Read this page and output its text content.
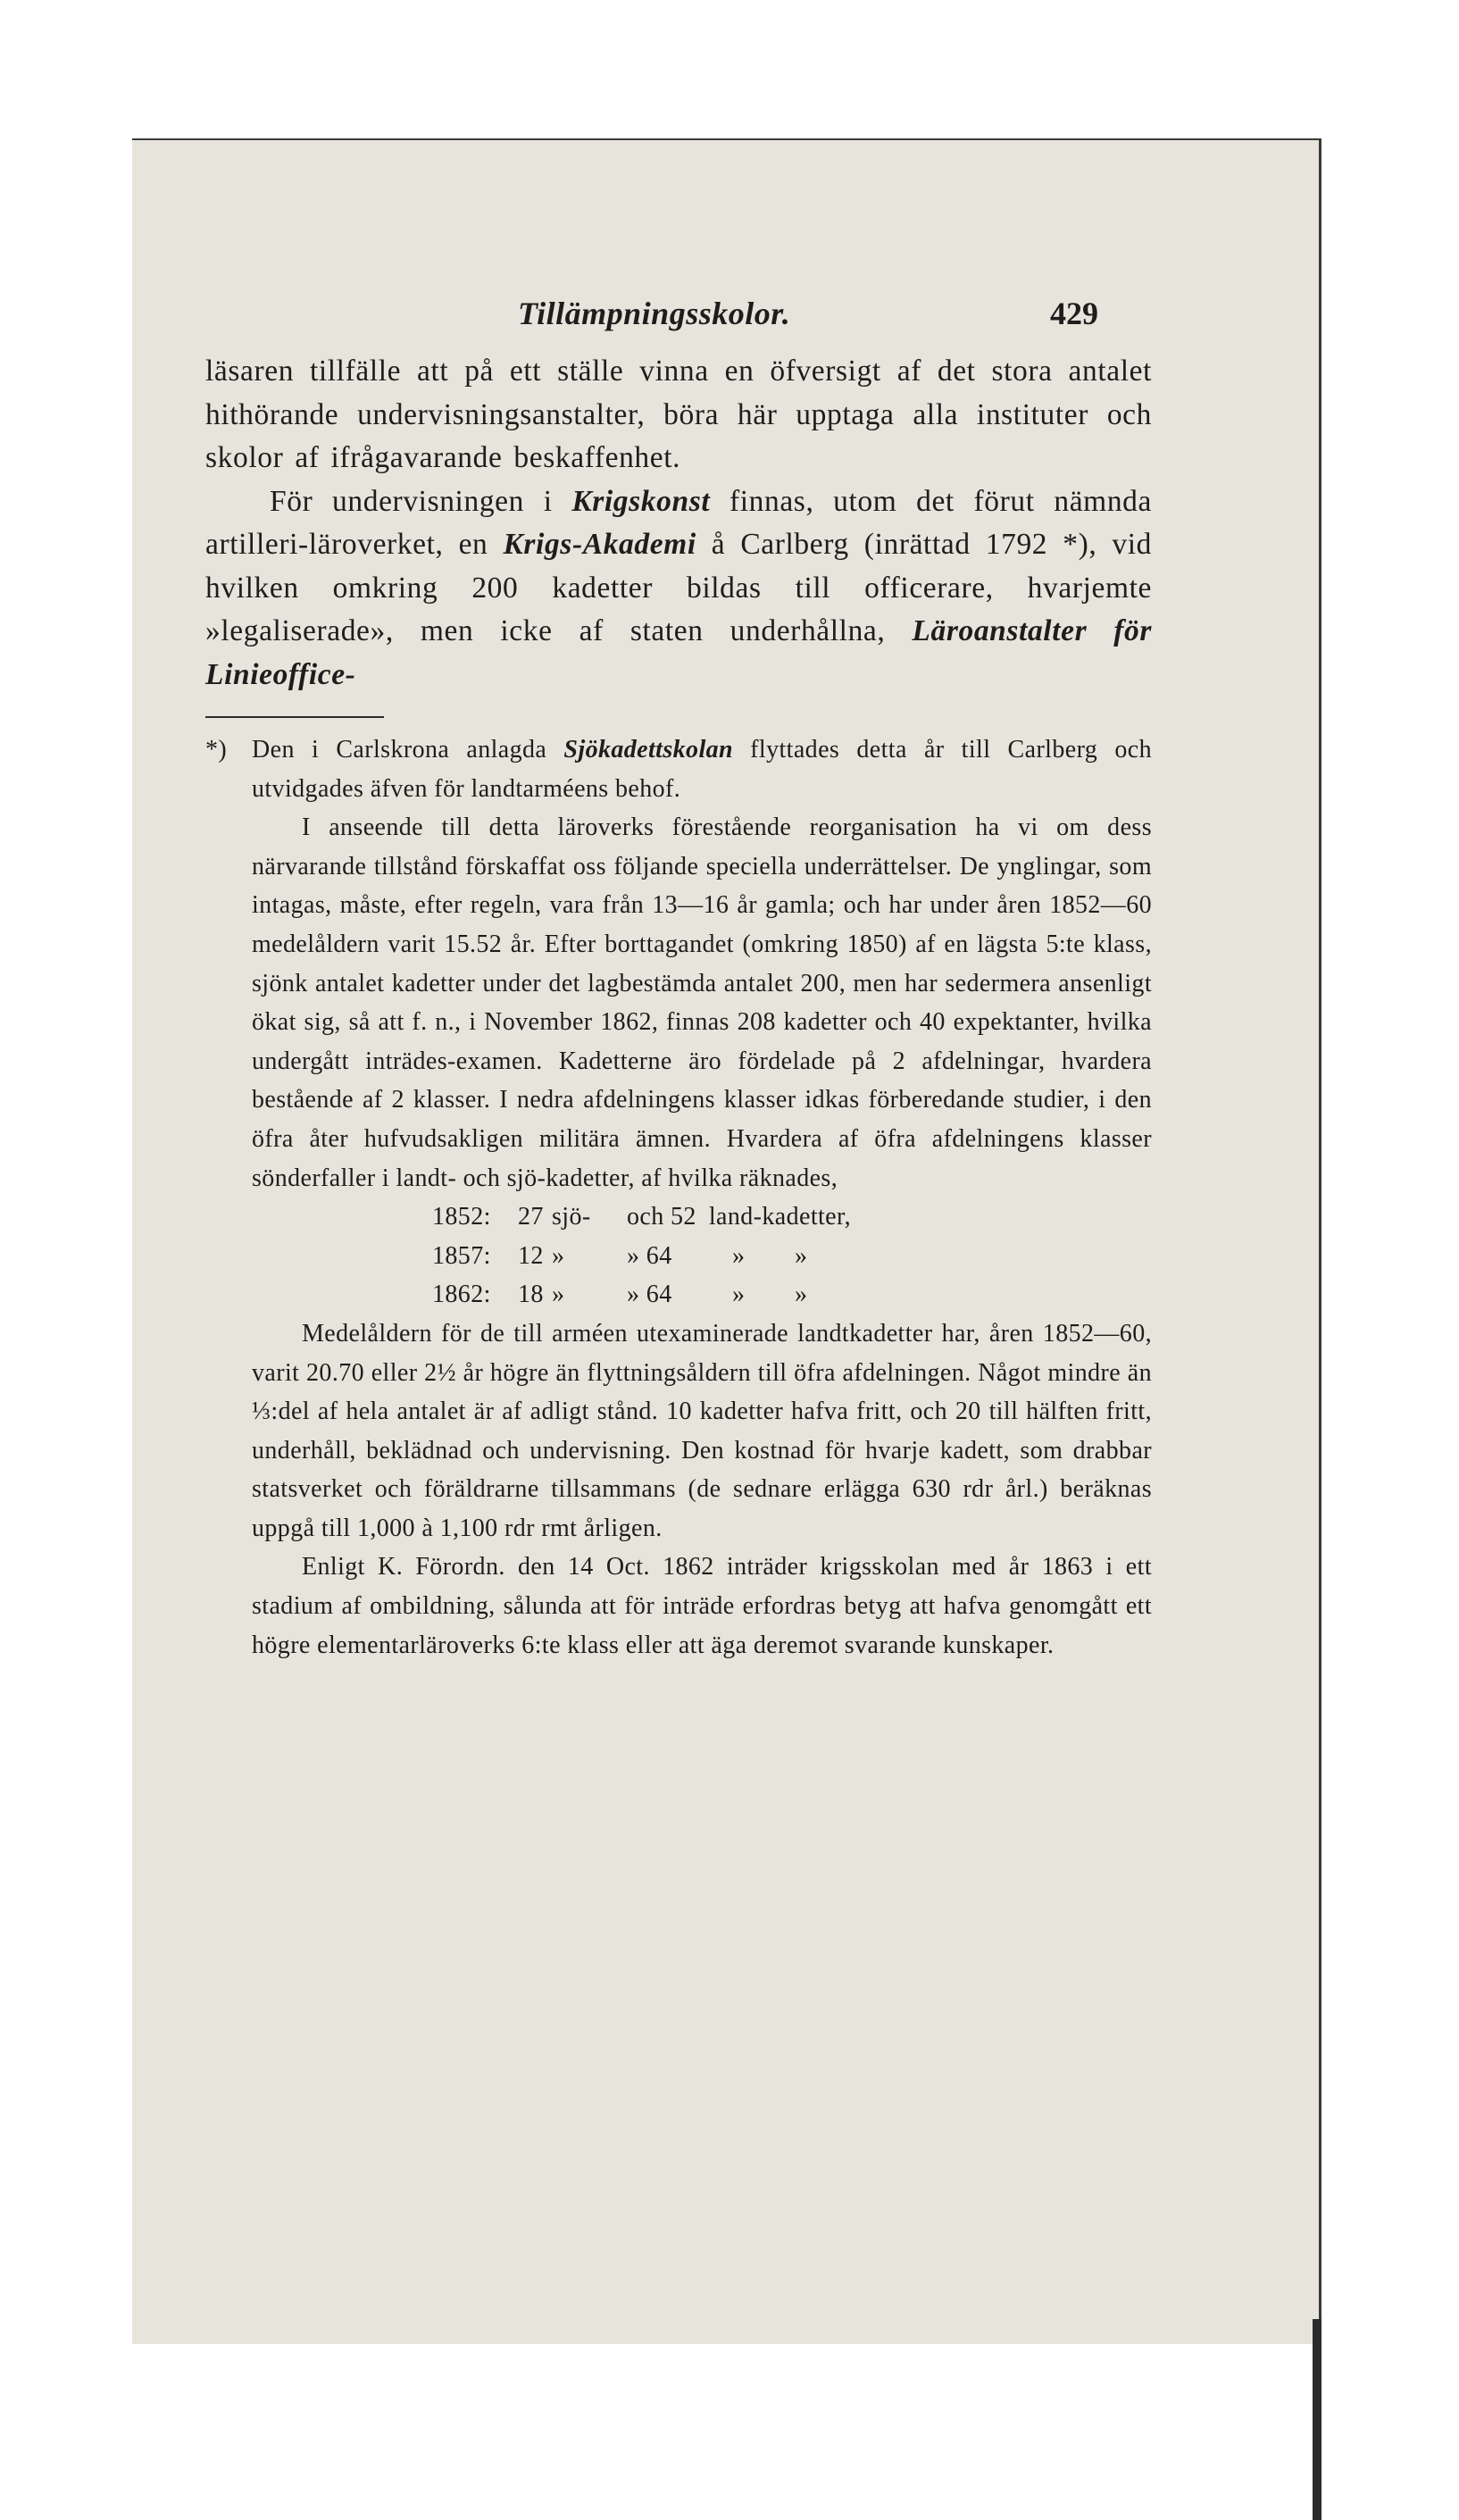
Tillämpningsskolor.	429

läsaren tillfälle att på ett ställe vinna en öfversigt af det stora antalet hithörande undervisningsanstalter, böra här upptaga alla instituter och skolor af ifrågavarande beskaffenhet.

För undervisningen i Krigskonst finnas, utom det förut nämnda artilleri-läroverket, en Krigs-Akademi å Carlberg (inrättad 1792 *), vid hvilken omkring 200 kadetter bildas till officerare, hvarjemte »legaliserade», men icke af staten underhållna, Läroanstalter för Linieoffice-

*) Den i Carlskrona anlagda Sjökadettskolan flyttades detta år till Carlberg och utvidgades äfven för landtarméens behof.

I anseende till detta läroverks förestående reorganisation ha vi om dess närvarande tillstånd förskaffat oss följande speciella underrättelser. De ynglingar, som intagas, måste, efter regeln, vara från 13—16 år gamla; och har under åren 1852—60 medelåldern varit 15.52 år. Efter borttagandet (omkring 1850) af en lägsta 5:te klass, sjönk antalet kadetter under det lagbestämda antalet 200, men har sedermera ansenligt ökat sig, så att f. n., i November 1862, finnas 208 kadetter och 40 expektanter, hvilka undergått inträdes-examen. Kadetterne äro fördelade på 2 afdelningar, hvardera bestående af 2 klasser. I nedra afdelningens klasser idkas förberedande studier, i den öfra åter hufvudsakligen militära ämnen. Hvardera af öfra afdelningens klasser sönderfaller i landt- och sjö-kadetter, af hvilka räknades,

1852: 27 sjö- och 52 land-kadetter,
1857: 12 » » 64 » »
1862: 18 » » 64 » »

Medelåldern för de till arméen utexaminerade landtkadetter har, åren 1852—60, varit 20.70 eller 2½ år högre än flyttningsåldern till öfra afdelningen. Något mindre än ⅓:del af hela antalet är af adligt stånd. 10 kadetter hafva fritt, och 20 till hälften fritt, underhåll, beklädnad och undervisning. Den kostnad för hvarje kadett, som drabbar statsverket och föräldrarne tillsammans (de sednare erlägga 630 rdr årl.) beräknas uppgå till 1,000 à 1,100 rdr rmt årligen.

Enligt K. Förordn. den 14 Oct. 1862 inträder krigsskolan med år 1863 i ett stadium af ombildning, sålunda att för inträde erfordras betyg att hafva genomgått ett högre elementarläroverks 6:te klass eller att äga deremot svarande kunskaper.
